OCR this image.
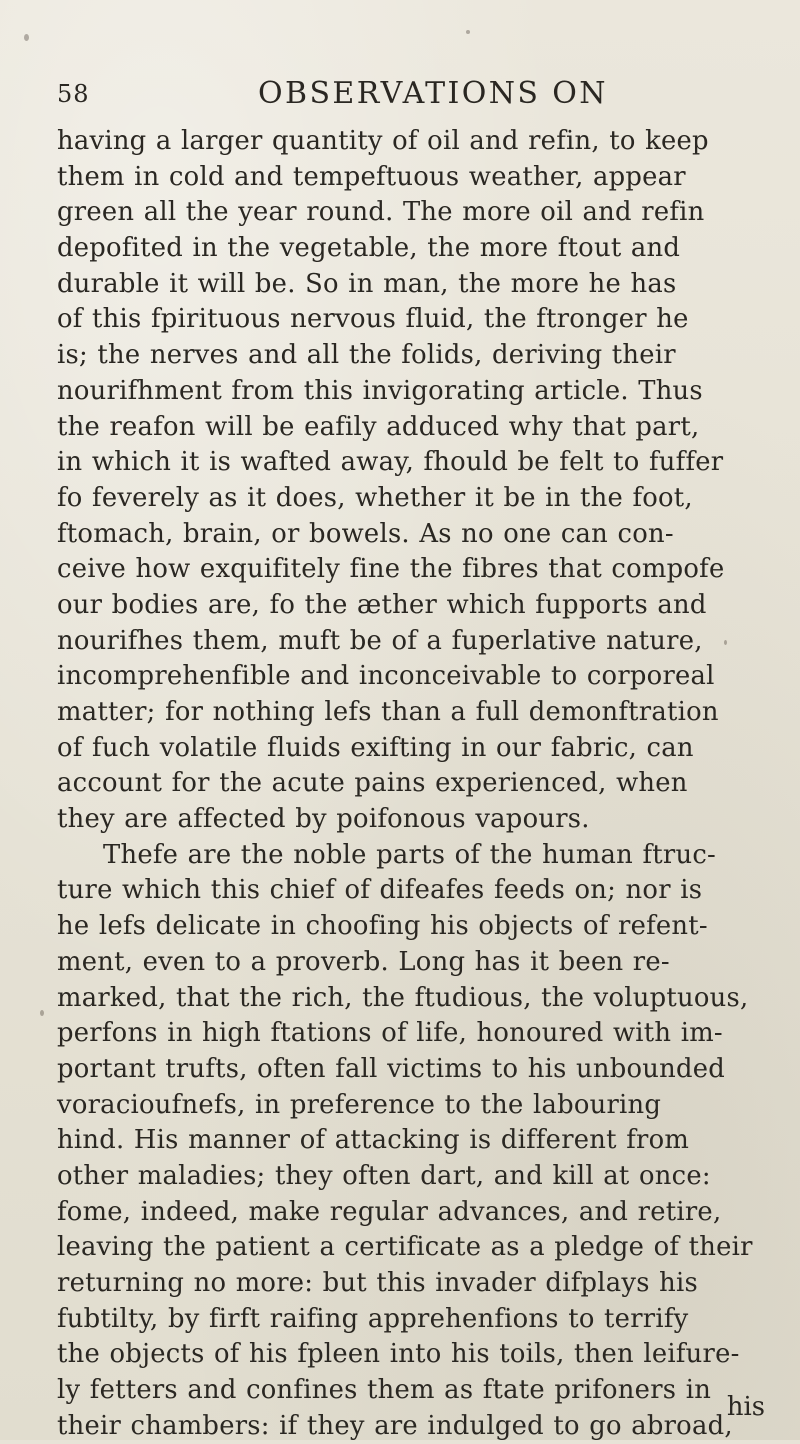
58	OBSERVATIONS ON
having a larger quantity of oil and refin, to keep
them in cold and tempeftuous weather, appear
green all the year round. The more oil and refin
depofited in the vegetable, the more ftout and
durable it will be. So in man, the more he has
of this fpirituous nervous fluid, the ftronger he
is; the nerves and all the folids, deriving their
nourifhment from this invigorating article. Thus
the reafon will be eafily adduced why that part,
in which it is wafted away, fhould be felt to fuffer
fo feverely as it does, whether it be in the foot,
ftomach, brain, or bowels. As no one can con-
ceive how exquifitely fine the fibres that compofe
our bodies are, fo the æther which fupports and
nourifhes them, muft be of a fuperlative nature,
incomprehenfible and inconceivable to corporeal
matter; for nothing lefs than a full demonftration
of fuch volatile fluids exifting in our fabric, can
account for the acute pains experienced, when
they are affected by poifonous vapours.
Thefe are the noble parts of the human ftruc-
ture which this chief of difeafes feeds on; nor is
he lefs delicate in choofing his objects of refent-
ment, even to a proverb. Long has it been re-
marked, that the rich, the ftudious, the voluptuous,
perfons in high ftations of life, honoured with im-
portant trufts, often fall victims to his unbounded
voracioufnefs, in preference to the labouring
hind. His manner of attacking is different from
other maladies; they often dart, and kill at once:
fome, indeed, make regular advances, and retire,
leaving the patient a certificate as a pledge of their
returning no more: but this invader difplays his
fubtilty, by firft raifing apprehenfions to terrify
the objects of his fpleen into his toils, then leifure-
ly fetters and confines them as ftate prifoners in
their chambers: if they are indulged to go abroad,
his
